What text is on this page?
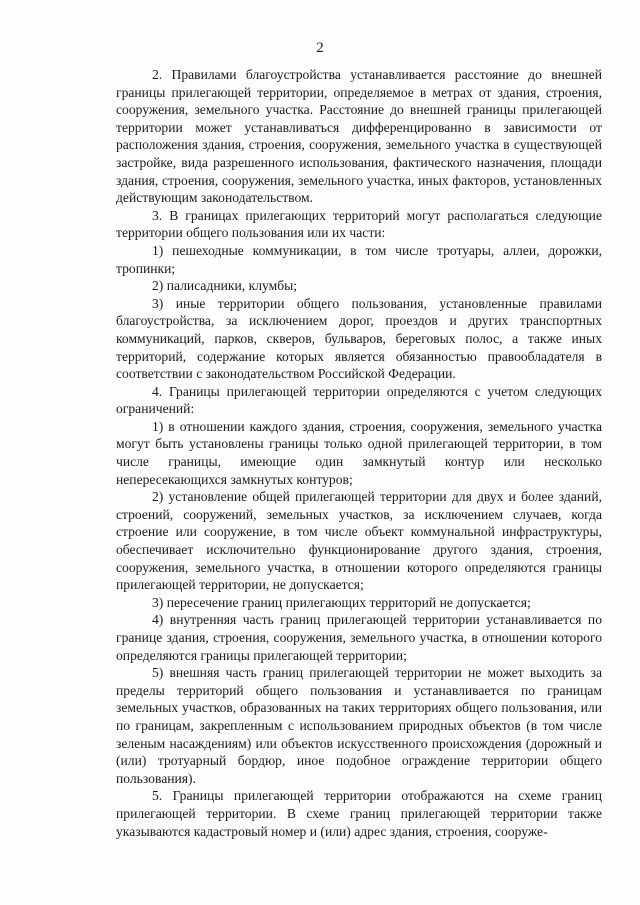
2

2. Правилами благоустройства устанавливается расстояние до внешней границы прилегающей территории, определяемое в метрах от здания, строения, сооружения, земельного участка. Расстояние до внешней границы прилегающей территории может устанавливаться дифференцированно в зависимости от расположения здания, строения, сооружения, земельного участка в существующей застройке, вида разрешенного использования, фактического назначения, площади здания, строения, сооружения, земельного участка, иных факторов, установленных действующим законодательством.

3. В границах прилегающих территорий могут располагаться следующие территории общего пользования или их части:

1) пешеходные коммуникации, в том числе тротуары, аллеи, дорожки, тропинки;

2) палисадники, клумбы;

3) иные территории общего пользования, установленные правилами благоустройства, за исключением дорог, проездов и других транспортных коммуникаций, парков, скверов, бульваров, береговых полос, а также иных территорий, содержание которых является обязанностью правообладателя в соответствии с законодательством Российской Федерации.

4. Границы прилегающей территории определяются с учетом следующих ограничений:

1) в отношении каждого здания, строения, сооружения, земельного участка могут быть установлены границы только одной прилегающей территории, в том числе границы, имеющие один замкнутый контур или несколько непересекающихся замкнутых контуров;

2) установление общей прилегающей территории для двух и более зданий, строений, сооружений, земельных участков, за исключением случаев, когда строение или сооружение, в том числе объект коммунальной инфраструктуры, обеспечивает исключительно функционирование другого здания, строения, сооружения, земельного участка, в отношении которого определяются границы прилегающей территории, не допускается;

3) пересечение границ прилегающих территорий не допускается;

4) внутренняя часть границ прилегающей территории устанавливается по границе здания, строения, сооружения, земельного участка, в отношении которого определяются границы прилегающей территории;

5) внешняя часть границ прилегающей территории не может выходить за пределы территорий общего пользования и устанавливается по границам земельных участков, образованных на таких территориях общего пользования, или по границам, закрепленным с использованием природных объектов (в том числе зеленым насаждениям) или объектов искусственного происхождения (дорожный и (или) тротуарный бордюр, иное подобное ограждение территории общего пользования).

5. Границы прилегающей территории отображаются на схеме границ прилегающей территории. В схеме границ прилегающей территории также указываются кадастровый номер и (или) адрес здания, строения, сооруже-
